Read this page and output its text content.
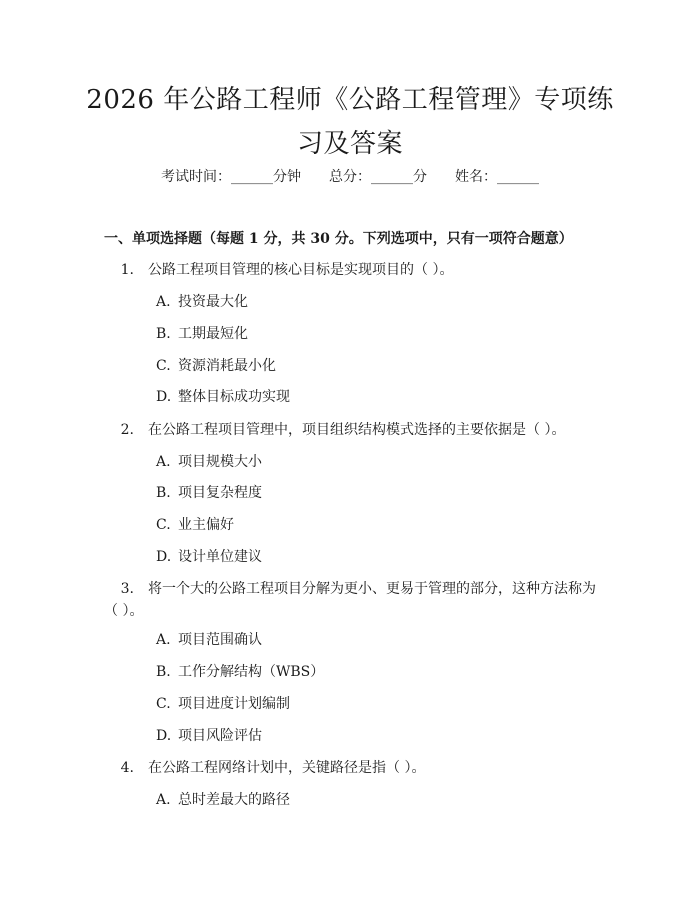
2026 年公路工程师《公路工程管理》专项练
习及答案
考试时间：______分钟 总分：______分 姓名：______
一、单项选择题（每题 1 分，共 30 分。下列选项中，只有一项符合题意）
1. 公路工程项目管理的核心目标是实现项目的（ ）。
A. 投资最大化
B. 工期最短化
C. 资源消耗最小化
D. 整体目标成功实现
2. 在公路工程项目管理中，项目组织结构模式选择的主要依据是（ ）。
A. 项目规模大小
B. 项目复杂程度
C. 业主偏好
D. 设计单位建议
3. 将一个大的公路工程项目分解为更小、更易于管理的部分，这种方法称为
（ ）。
A. 项目范围确认
B. 工作分解结构（WBS）
C. 项目进度计划编制
D. 项目风险评估
4. 在公路工程网络计划中，关键路径是指（ ）。
A. 总时差最大的路径
